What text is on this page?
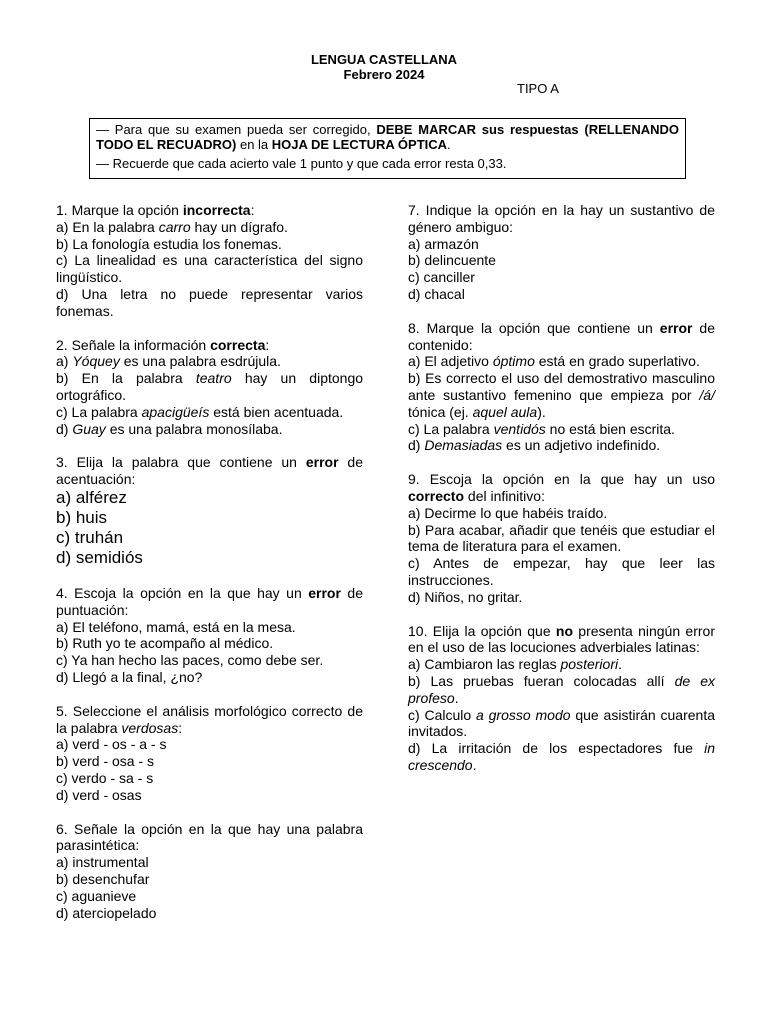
LENGUA CASTELLANA
Febrero 2024
TIPO A
— Para que su examen pueda ser corregido, DEBE MARCAR sus respuestas (RELLENANDO TODO EL RECUADRO) en la HOJA DE LECTURA ÓPTICA.
— Recuerde que cada acierto vale 1 punto y que cada error resta 0,33.
1. Marque la opción incorrecta:
a) En la palabra carro hay un dígrafo.
b) La fonología estudia los fonemas.
c) La linealidad es una característica del signo lingüístico.
d) Una letra no puede representar varios fonemas.
2. Señale la información correcta:
a) Yóquey es una palabra esdrújula.
b) En la palabra teatro hay un diptongo ortográfico.
c) La palabra apacigüeís está bien acentuada.
d) Guay es una palabra monosílaba.
3. Elija la palabra que contiene un error de acentuación:
a) alférez
b) huis
c) truhán
d) semidiós
4. Escoja la opción en la que hay un error de puntuación:
a) El teléfono, mamá, está en la mesa.
b) Ruth yo te acompaño al médico.
c) Ya han hecho las paces, como debe ser.
d) Llegó a la final, ¿no?
5. Seleccione el análisis morfológico correcto de la palabra verdosas:
a) verd - os - a - s
b) verd - osa - s
c) verdo - sa - s
d) verd - osas
6. Señale la opción en la que hay una palabra parasintética:
a) instrumental
b) desenchufar
c) aguanieve
d) aterciopelado
7. Indique la opción en la hay un sustantivo de género ambiguo:
a) armazón
b) delincuente
c) canciller
d) chacal
8. Marque la opción que contiene un error de contenido:
a) El adjetivo óptimo está en grado superlativo.
b) Es correcto el uso del demostrativo masculino ante sustantivo femenino que empieza por /á/ tónica (ej. aquel aula).
c) La palabra ventidós no está bien escrita.
d) Demasiadas es un adjetivo indefinido.
9. Escoja la opción en la que hay un uso correcto del infinitivo:
a) Decirme lo que habéis traído.
b) Para acabar, añadir que tenéis que estudiar el tema de literatura para el examen.
c) Antes de empezar, hay que leer las instrucciones.
d) Niños, no gritar.
10. Elija la opción que no presenta ningún error en el uso de las locuciones adverbiales latinas:
a) Cambiaron las reglas posteriori.
b) Las pruebas fueran colocadas allí de ex profeso.
c) Calculo a grosso modo que asistirán cuarenta invitados.
d) La irritación de los espectadores fue in crescendo.
